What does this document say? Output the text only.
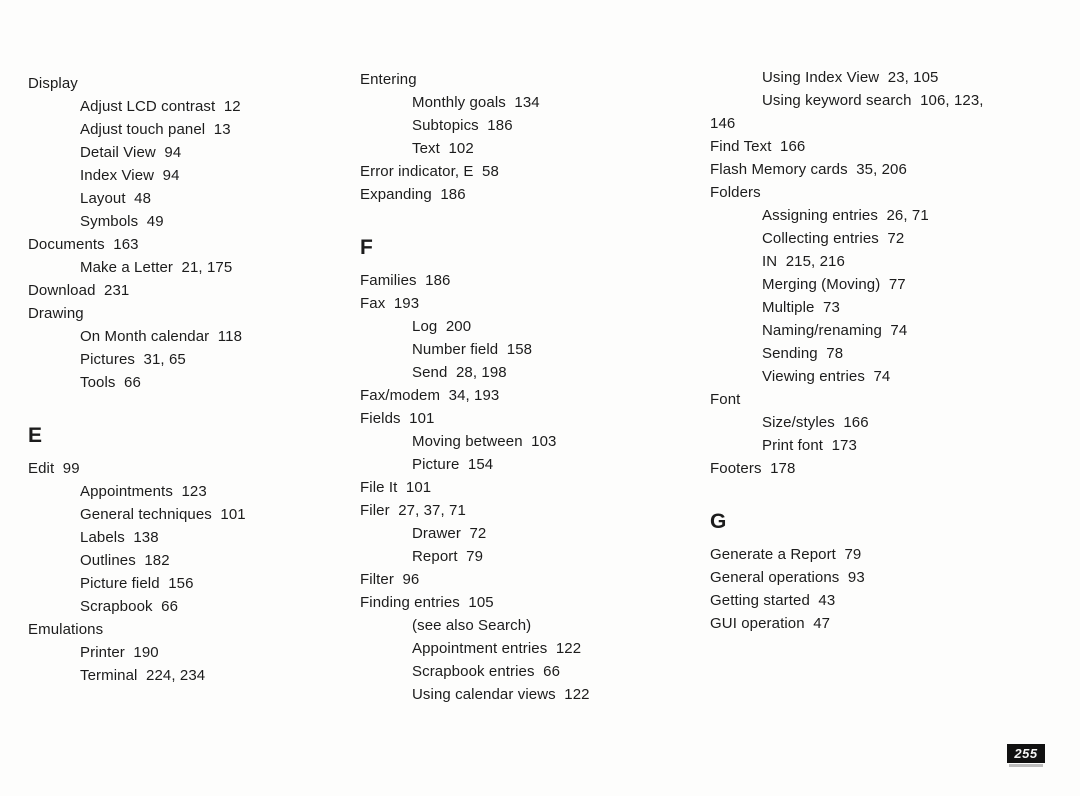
Display
Adjust LCD contrast  12
Adjust touch panel  13
Detail View  94
Index View  94
Layout  48
Symbols  49
Documents  163
Make a Letter  21, 175
Download  231
Drawing
On Month calendar  118
Pictures  31, 65
Tools  66
E
Edit  99
Appointments  123
General techniques  101
Labels  138
Outlines  182
Picture field  156
Scrapbook  66
Emulations
Printer  190
Terminal  224, 234
Entering
Monthly goals  134
Subtopics  186
Text  102
Error indicator, E  58
Expanding  186
F
Families  186
Fax  193
Log  200
Number field  158
Send  28, 198
Fax/modem  34, 193
Fields  101
Moving between  103
Picture  154
File It  101
Filer  27, 37, 71
Drawer  72
Report  79
Filter  96
Finding entries  105
(see also Search)
Appointment entries  122
Scrapbook entries  66
Using calendar views  122
Using Index View  23, 105
Using keyword search  106, 123,
146
Find Text  166
Flash Memory cards  35, 206
Folders
Assigning entries  26, 71
Collecting entries  72
IN  215, 216
Merging (Moving)  77
Multiple  73
Naming/renaming  74
Sending  78
Viewing entries  74
Font
Size/styles  166
Print font  173
Footers  178
G
Generate a Report  79
General operations  93
Getting started  43
GUI operation  47
255
